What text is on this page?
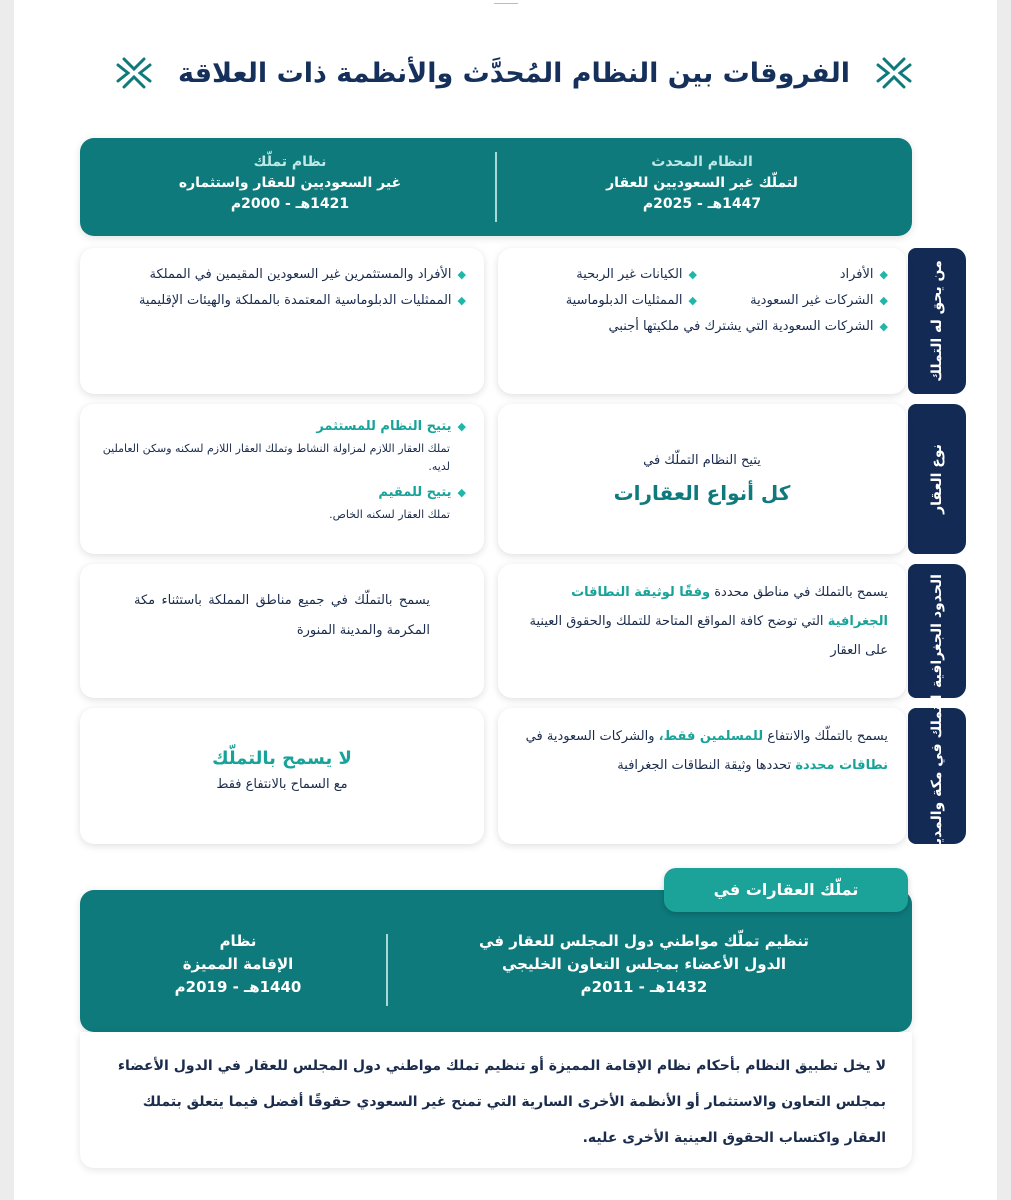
الفروقات بين النظام المُحدَّث والأنظمة ذات العلاقة
النظام المحدث
لتملّك غير السعوديين للعقار
1447هـ - 2025م
نظام تملّك
غير السعوديين للعقار واستثماره
1421هـ - 2000م
من يحق له التملك
◆
الأفراد
◆
الكيانات غير الربحية
◆
الشركات غير السعودية
◆
الممثليات الدبلوماسية
◆
الشركات السعودية التي يشترك في ملكيتها أجنبي
◆
الأفراد والمستثمرين غير السعودين المقيمين في المملكة
◆
الممثليات الدبلوماسية المعتمدة بالمملكة والهيئات الإقليمية
نوع العقار
يتيح النظام التملّك في
كل أنواع العقارات
◆
يتيح النظام للمستثمر
تملك العقار اللازم لمزاولة النشاط وتملك العقار اللازم لسكنه وسكن العاملين لديه.
◆
يتيح للمقيم
تملك العقار لسكنه الخاص.
الحدود الجغرافية
يسمح بالتملك في مناطق محددة وفقًا لوثيقة النطاقات الجغرافية التي توضح كافة المواقع المتاحة للتملك والحقوق العينية على العقار
يسمح بالتملّك في جميع مناطق المملكة باستثناء مكة المكرمة والمدينة المنورة
التملك في مكة والمدينة
يسمح بالتملّك والانتفاع للمسلمين فقط، والشركات السعودية في نطاقات محددة تحددها وثيقة النطاقات الجغرافية
لا يسمح بالتملّك
مع السماح بالانتفاع فقط
تنظيم تملّك مواطني دول المجلس للعقار في
الدول الأعضاء بمجلس التعاون الخليجي
1432هـ - 2011م
نظام
الإقامة المميزة
1440هـ - 2019م
تملّك العقارات في
لا يخل تطبيق النظام بأحكام نظام الإقامة المميزة أو تنظيم تملك مواطني دول المجلس للعقار في الدول الأعضاء بمجلس التعاون والاستثمار أو الأنظمة الأخرى السارية التي تمنح غير السعودي حقوقًا أفضل فيما يتعلق بتملك العقار واكتساب الحقوق العينية الأخرى عليه.
